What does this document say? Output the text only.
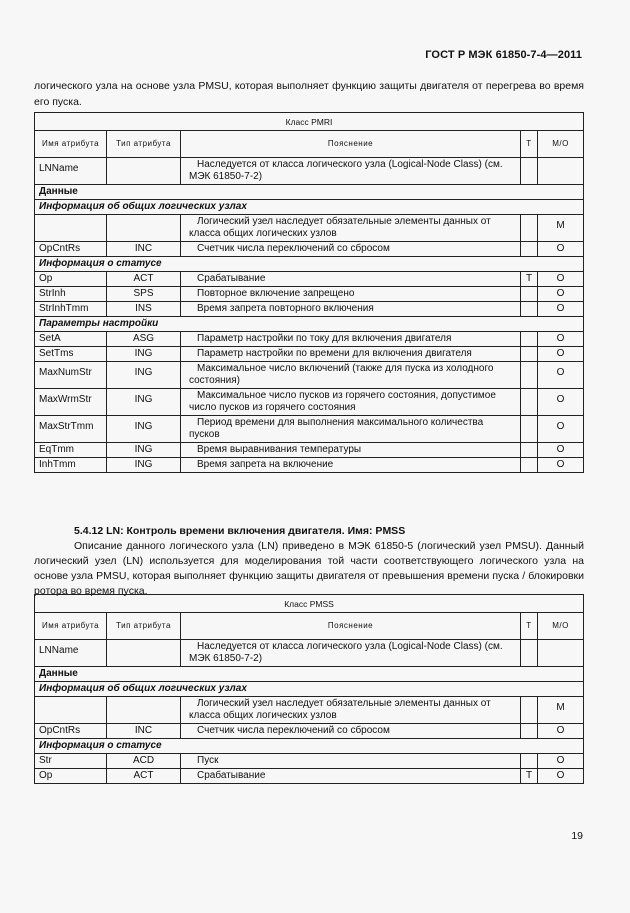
ГОСТ Р МЭК 61850-7-4—2011
логического узла на основе узла PMSU, которая выполняет функцию защиты двигателя от перегрева во время его пуска.
Класс PMRI				
Имя атрибута	Тип атрибута	Пояснение	T	M/O
LNName		Наследуется от класса логического узла (Logical-Node Class) (см. МЭК 61850-7-2)		

Данные				
Информация об общих логических узлах				

		Логический узел наследует обязательные элементы данных от класса общих логических узлов		M
OpCntRs	INC	Счетчик числа переключений со сбросом		O
Информация о статусе				
Op	ACT	Срабатывание	T	O
StrInh	SPS	Повторное включение запрещено		O
StrInhTmm	INS	Время запрета повторного включения		O
Параметры настройки				
SetA	ASG	Параметр настройки по току для включения двигателя		O
SetTms	ING	Параметр настройки по времени для включения двигателя		O
MaxNumStr	ING	Максимальное число включений (также для пуска из холодного состояния)		O
MaxWrmStr	ING	Максимальное число пусков из горячего состояния, допустимое число пусков из горячего состояния		O
MaxStrTmm	ING	Период времени для выполнения максимального количества пусков		O
EqTmm	ING	Время выравнивания температуры		O
InhTmm	ING	Время запрета на включение		O
5.4.12 LN: Контроль времени включения двигателя. Имя: PMSS
Описание данного логического узла (LN) приведено в МЭК 61850-5 (логический узел PMSU). Данный логический узел (LN) используется для моделирования той части соответствующего логического узла на основе узла PMSU, которая выполняет функцию защиты двигателя от превышения времени пуска / блокировки ротора во время пуска.
Класс PMSS				
Имя атрибута	Тип атрибута	Пояснение	T	M/O
LNName		Наследуется от класса логического узла (Logical-Node Class) (см. МЭК 61850-7-2)		

Данные				
Информация об общих логических узлах				

		Логический узел наследует обязательные элементы данных от класса общих логических узлов		M
OpCntRs	INC	Счетчик числа переключений со сбросом		O
Информация о статусе				
Str	ACD	Пуск		O
Op	ACT	Срабатывание	T	O
19
